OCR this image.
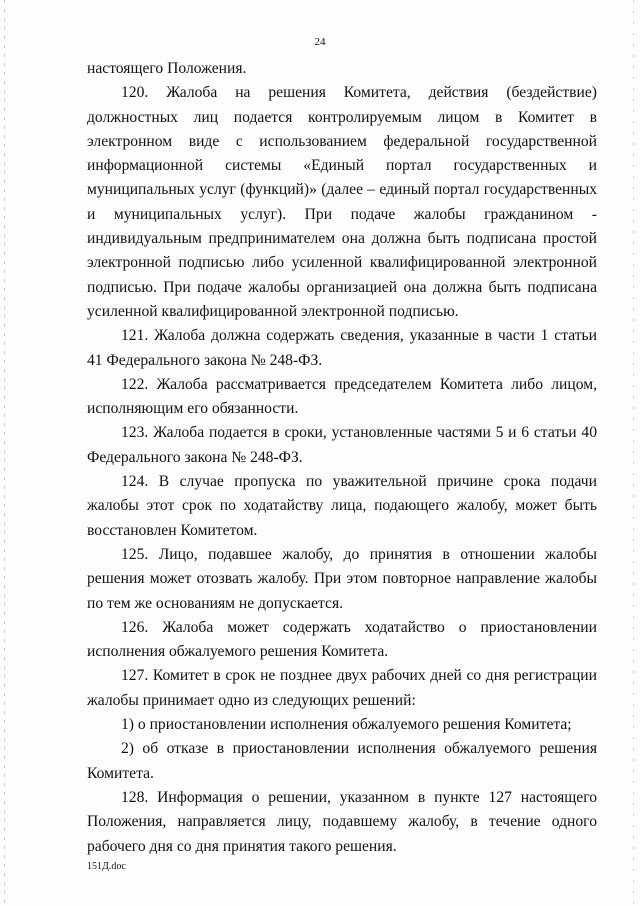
24

настоящего Положения.

120. Жалоба на решения Комитета, действия (бездействие) должностных лиц подается контролируемым лицом в Комитет в электронном виде с использованием федеральной государственной информационной системы «Единый портал государственных и муниципальных услуг (функций)» (далее – единый портал государственных и муниципальных услуг). При подаче жалобы гражданином - индивидуальным предпринимателем она должна быть подписана простой электронной подписью либо усиленной квалифицированной электронной подписью. При подаче жалобы организацией она должна быть подписана усиленной квалифицированной электронной подписью.

121. Жалоба должна содержать сведения, указанные в части 1 статьи 41 Федерального закона № 248-ФЗ.

122. Жалоба рассматривается председателем Комитета либо лицом, исполняющим его обязанности.

123. Жалоба подается в сроки, установленные частями 5 и 6 статьи 40 Федерального закона № 248-ФЗ.

124. В случае пропуска по уважительной причине срока подачи жалобы этот срок по ходатайству лица, подающего жалобу, может быть восстановлен Комитетом.

125. Лицо, подавшее жалобу, до принятия в отношении жалобы решения может отозвать жалобу. При этом повторное направление жалобы по тем же основаниям не допускается.

126. Жалоба может содержать ходатайство о приостановлении исполнения обжалуемого решения Комитета.

127. Комитет в срок не позднее двух рабочих дней со дня регистрации жалобы принимает одно из следующих решений:

1) о приостановлении исполнения обжалуемого решения Комитета;

2) об отказе в приостановлении исполнения обжалуемого решения Комитета.

128. Информация о решении, указанном в пункте 127 настоящего Положения, направляется лицу, подавшему жалобу, в течение одного рабочего дня со дня принятия такого решения.

151Д.doc
